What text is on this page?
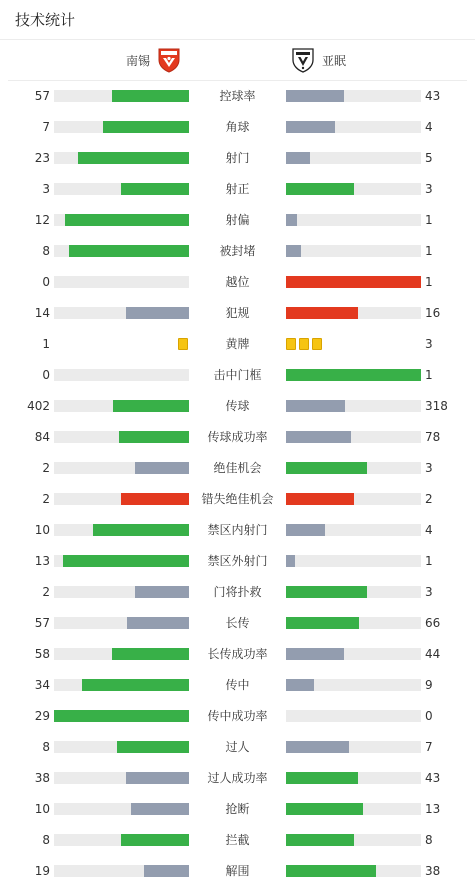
技术统计
南锡	亚眠
57	控球率	43
7	角球	4
23	射门	5
3	射正	3
12	射偏	1
8	被封堵	1
0	越位	1
14	犯规	16
1	黄牌	3
0	击中门框	1
402	传球	318
84	传球成功率	78
2	绝佳机会	3
2	错失绝佳机会	2
10	禁区内射门	4
13	禁区外射门	1
2	门将扑救	3
57	长传	66
58	长传成功率	44
34	传中	9
29	传中成功率	0
8	过人	7
38	过人成功率	43
10	抢断	13
8	拦截	8
19	解围	38
